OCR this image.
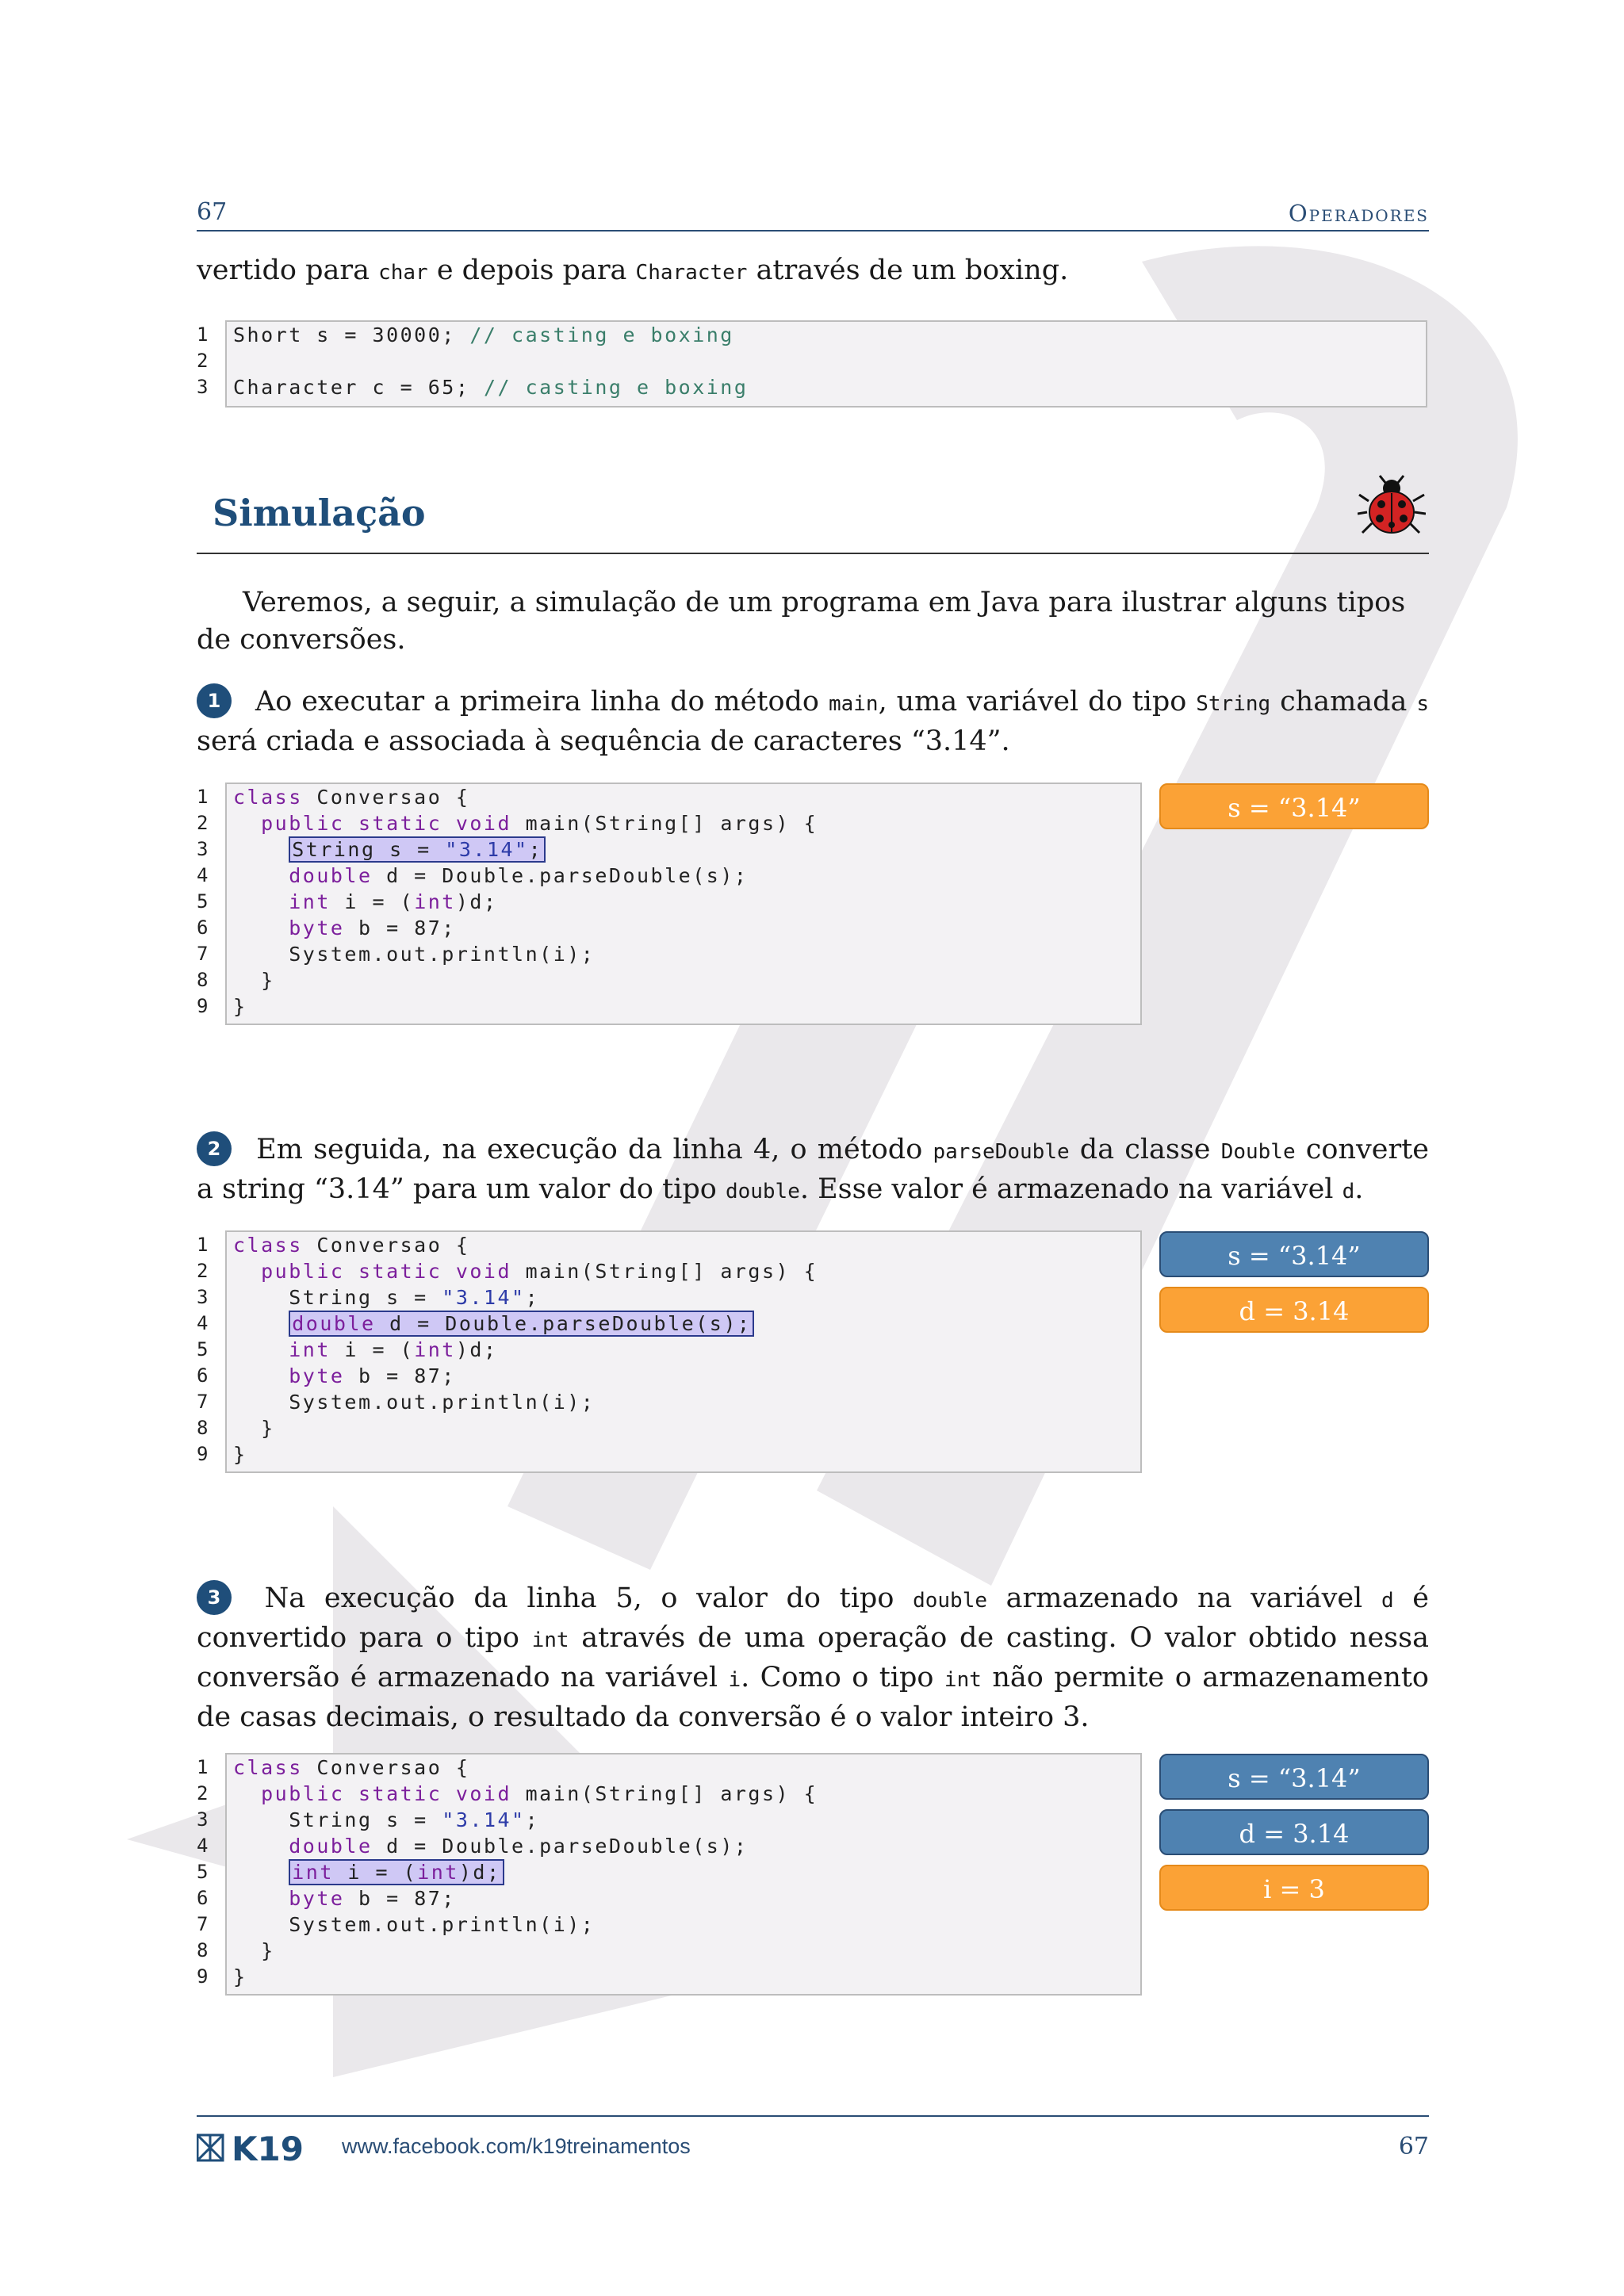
67	Operadores
vertido para char e depois para Character através de um boxing.
1
2
3
Short s = 30000; // casting e boxing
Character c = 65; // casting e boxing
Simulação
Veremos, a seguir, a simulação de um programa em Java para ilustrar alguns tipos de conversões.
1 Ao executar a primeira linha do método main, uma variável do tipo String chamada s será criada e associada à sequência de caracteres “3.14”.
1
2
3
4
5
6
7
8
9
class Conversao {
public static void main(String[] args) {
String s = "3.14";
double d = Double.parseDouble(s);
int i = (int)d;
byte b = 87;
System.out.println(i);
}
}
s = “3.14”
2 Em seguida, na execução da linha 4, o método parseDouble da classe Double converte a string “3.14” para um valor do tipo double. Esse valor é armazenado na variável d.
1
2
3
4
5
6
7
8
9
class Conversao {
public static void main(String[] args) {
String s = "3.14";
double d = Double.parseDouble(s);
int i = (int)d;
byte b = 87;
System.out.println(i);
}
}
s = “3.14”
d = 3.14
3 Na execução da linha 5, o valor do tipo double armazenado na variável d é convertido para o tipo int através de uma operação de casting. O valor obtido nessa conversão é armazenado na variável i. Como o tipo int não permite o armazenamento de casas decimais, o resultado da conversão é o valor inteiro 3.
1
2
3
4
5
6
7
8
9
class Conversao {
public static void main(String[] args) {
String s = "3.14";
double d = Double.parseDouble(s);
int i = (int)d;
byte b = 87;
System.out.println(i);
}
}
s = “3.14”
d = 3.14
i = 3
K19 www.facebook.com/k19treinamentos	67
